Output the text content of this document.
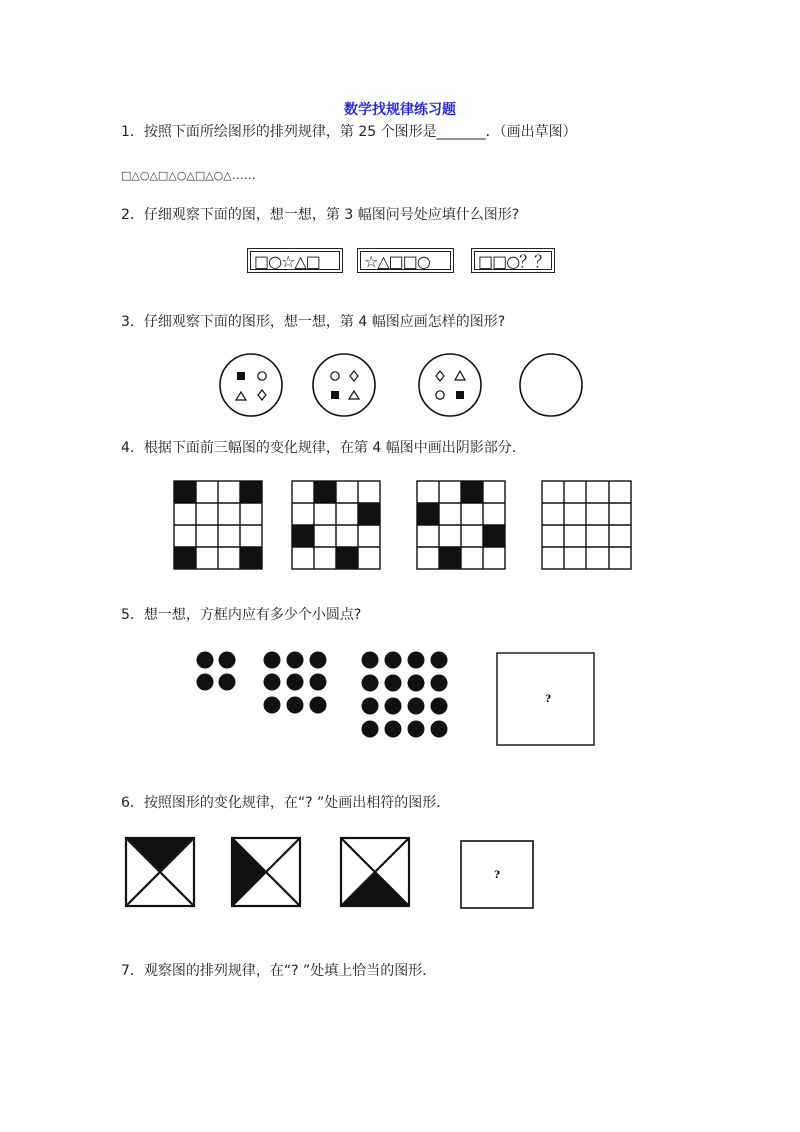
数学找规律练习题
1．按照下面所绘图形的排列规律，第 25 个图形是_______．（画出草图）
□△○△□△○△□△○△……
2．仔细观察下面的图，想一想，第 3 幅图问号处应填什么图形?
□○☆△□	☆△□□○	□□○？？
3．仔细观察下面的图形，想一想，第 4 幅图应画怎样的图形?
4．根据下面前三幅图的变化规律，在第 4 幅图中画出阴影部分．
5．想一想，方框内应有多少个小圆点?
?
6．按照图形的变化规律，在“? ”处画出相符的图形．
?
7．观察图的排列规律，在“? ”处填上恰当的图形．
